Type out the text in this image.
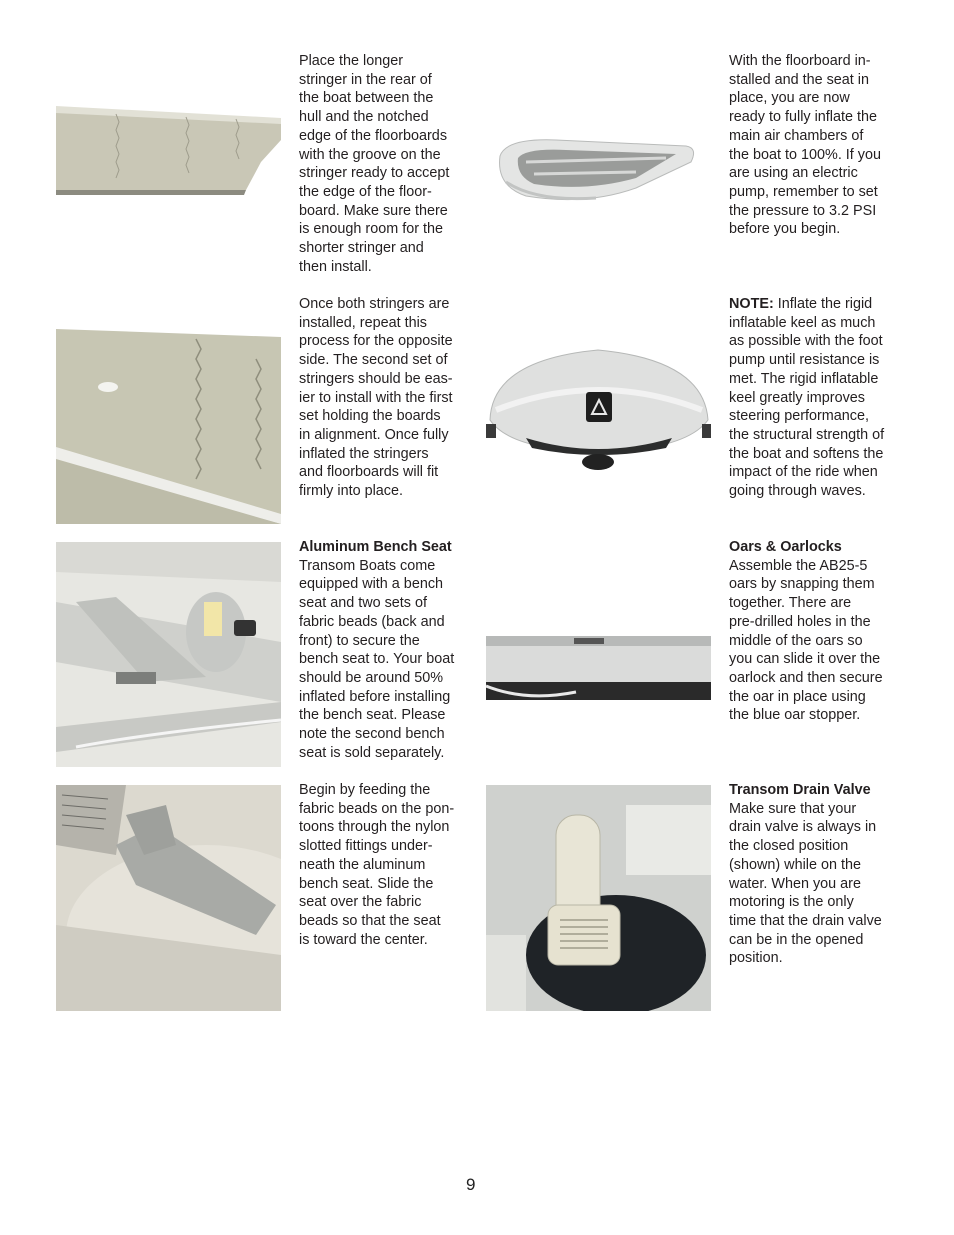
Place the longer
stringer in the rear of
the boat between the
hull and the notched
edge of the floorboards
with the groove on the
stringer ready to accept
the edge of the floor-
board. Make sure there
is enough room for the
shorter stringer and
then install.
With the floorboard in-
stalled and the seat in
place, you are now
ready to fully inflate the
main air chambers of
the boat to 100%. If you
are using an electric
pump, remember to set
the pressure to 3.2 PSI
before you begin.
Once both stringers are
installed, repeat this
process for the opposite
side. The second set of
stringers should be eas-
ier to install with the first
set holding the boards
in alignment. Once fully
inflated the stringers
and floorboards will fit
firmly into place.
NOTE: Inflate the rigid
inflatable keel as much
as possible with the foot
pump until resistance is
met. The rigid inflatable
keel greatly improves
steering performance,
the structural strength of
the boat and softens the
impact of the ride when
going through waves.
Aluminum Bench Seat
Transom Boats come
equipped with a bench
seat and two sets of
fabric beads (back and
front) to secure the
bench seat to. Your boat
should be around 50%
inflated before installing
the bench seat. Please
note the second bench
seat is sold separately.
Oars & Oarlocks
Assemble the AB25-5
oars by snapping them
together. There are
pre-drilled holes in the
middle of the oars so
you can slide it over the
oarlock and then secure
the oar in place using
the blue oar stopper.
Begin by feeding the
fabric beads on the pon-
toons through the nylon
slotted fittings under-
neath the aluminum
bench seat. Slide the
seat over the fabric
beads so that the seat
is toward the center.
Transom Drain Valve
Make sure that your
drain valve is always in
the closed position
(shown) while on the
water. When you are
motoring is the only
time that the drain valve
can be in the opened
position.
9
